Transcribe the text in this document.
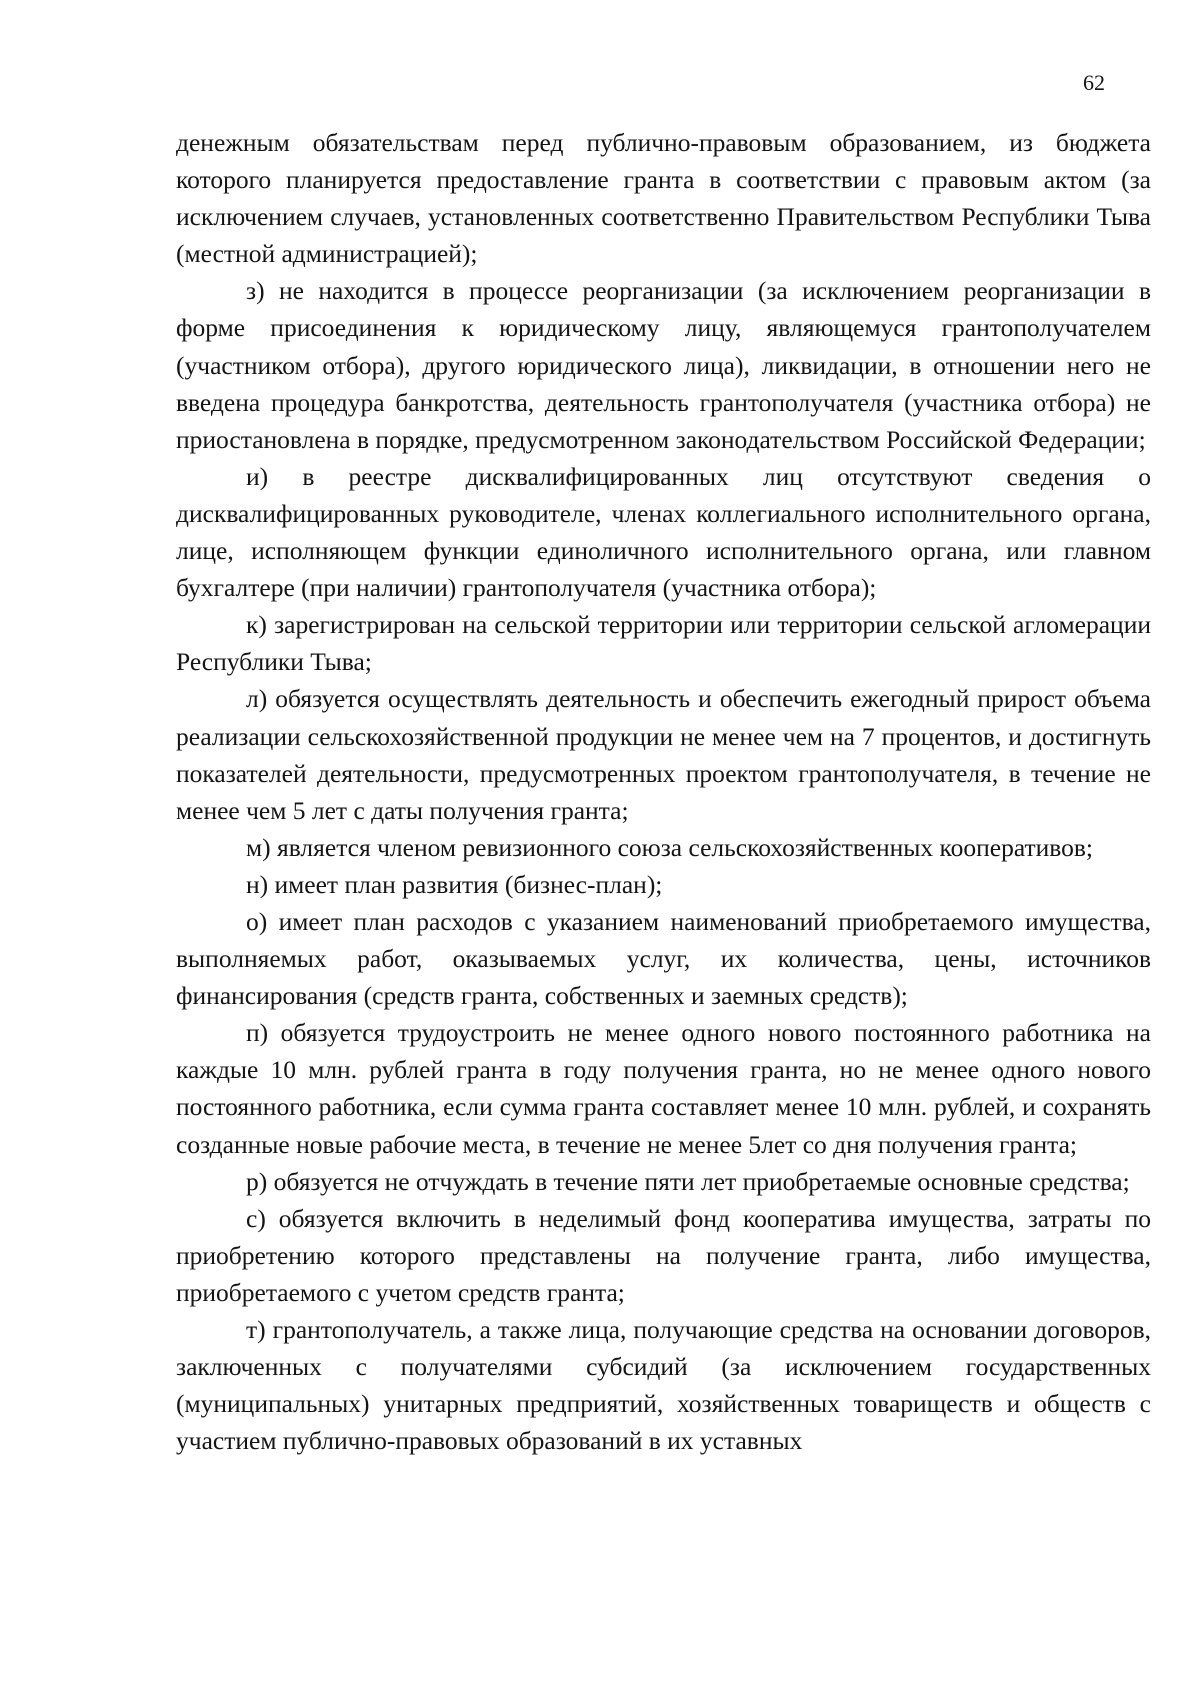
62

денежным обязательствам перед публично-правовым образованием, из бюджета которого планируется предоставление гранта в соответствии с правовым актом (за исключением случаев, установленных соответственно Правительством Республики Тыва (местной администрацией);

з) не находится в процессе реорганизации (за исключением реорганизации в форме присоединения к юридическому лицу, являющемуся грантополучателем (участником отбора), другого юридического лица), ликвидации, в отношении него не введена процедура банкротства, деятельность грантополучателя (участника отбора) не приостановлена в порядке, предусмотренном законодательством Российской Федерации;

и) в реестре дисквалифицированных лиц отсутствуют сведения о дисквалифицированных руководителе, членах коллегиального исполнительного органа, лице, исполняющем функции единоличного исполнительного органа, или главном бухгалтере (при наличии) грантополучателя (участника отбора);

к) зарегистрирован на сельской территории или территории сельской агломерации Республики Тыва;

л) обязуется осуществлять деятельность и обеспечить ежегодный прирост объема реализации сельскохозяйственной продукции не менее чем на 7 процентов, и достигнуть показателей деятельности, предусмотренных проектом грантополучателя, в течение не менее чем 5 лет с даты получения гранта;

м) является членом ревизионного союза сельскохозяйственных кооперативов;

н) имеет план развития (бизнес-план);

о) имеет план расходов с указанием наименований приобретаемого имущества, выполняемых работ, оказываемых услуг, их количества, цены, источников финансирования (средств гранта, собственных и заемных средств);

п) обязуется трудоустроить не менее одного нового постоянного работника на каждые 10 млн. рублей гранта в году получения гранта, но не менее одного нового постоянного работника, если сумма гранта составляет менее 10 млн. рублей, и сохранять созданные новые рабочие места, в течение не менее 5лет со дня получения гранта;

р) обязуется не отчуждать в течение пяти лет приобретаемые основные средства;

с) обязуется включить в неделимый фонд кооператива имущества, затраты по приобретению которого представлены на получение гранта, либо имущества, приобретаемого с учетом средств гранта;

т) грантополучатель, а также лица, получающие средства на основании договоров, заключенных с получателями субсидий (за исключением государственных (муниципальных) унитарных предприятий, хозяйственных товариществ и обществ с участием публично-правовых образований в их уставных
